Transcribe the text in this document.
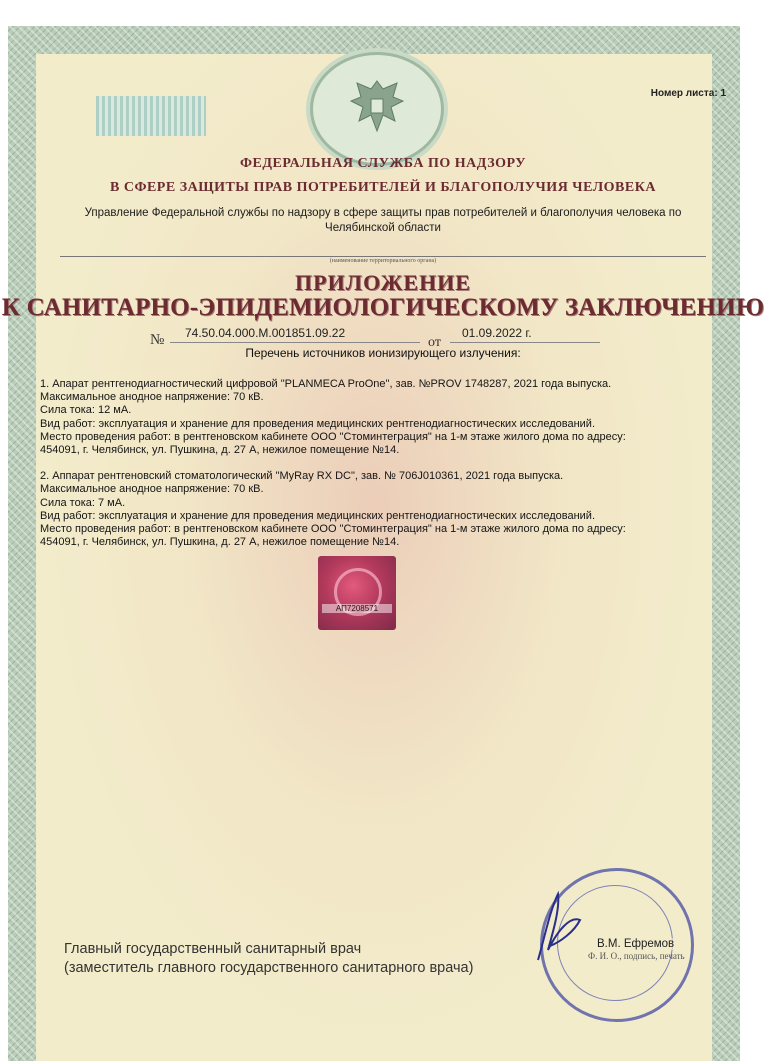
Номер листа: 1
ФЕДЕРАЛЬНАЯ СЛУЖБА ПО НАДЗОРУ
В СФЕРЕ ЗАЩИТЫ ПРАВ ПОТРЕБИТЕЛЕЙ И БЛАГОПОЛУЧИЯ ЧЕЛОВЕКА
Управление Федеральной службы по надзору в сфере защиты прав потребителей и благополучия человека по Челябинской области
(наименование территориального органа)
ПРИЛОЖЕНИЕ
К САНИТАРНО-ЭПИДЕМИОЛОГИЧЕСКОМУ ЗАКЛЮЧЕНИЮ
№ 74.50.04.000.М.001851.09.22
от
01.09.2022 г.
Перечень источников ионизирующего излучения:

1. Апарат рентгенодиагностический цифровой "PLANMECA ProOne", зав. №PROV 1748287, 2021 года выпуска.

Максимальное анодное напряжение: 70 кВ.

Сила тока: 12 мА.

Вид работ: эксплуатация и хранение для проведения медицинских рентгенодиагностических исследований.

Место проведения работ: в рентгеновском кабинете ООО "Стоминтеграция" на 1-м этаже жилого дома по адресу:

454091, г. Челябинск, ул. Пушкина, д. 27 А, нежилое помещение №14.

2. Аппарат рентгеновский стоматологический "MyRay RX DC", зав. № 706J010361, 2021 года выпуска.

Максимальное анодное напряжение: 70 кВ.

Сила тока: 7 мА.

Вид работ: эксплуатация и хранение для проведения медицинских рентгенодиагностических исследований.

Место проведения работ: в рентгеновском кабинете ООО "Стоминтеграция" на 1-м этаже жилого дома по адресу:

454091, г. Челябинск, ул. Пушкина, д. 27 А, нежилое помещение №14.

АП7208571
Главный государственный санитарный врач
(заместитель главного государственного санитарного врача)
В.М. Ефремов
Ф. И. О., подпись, печать
